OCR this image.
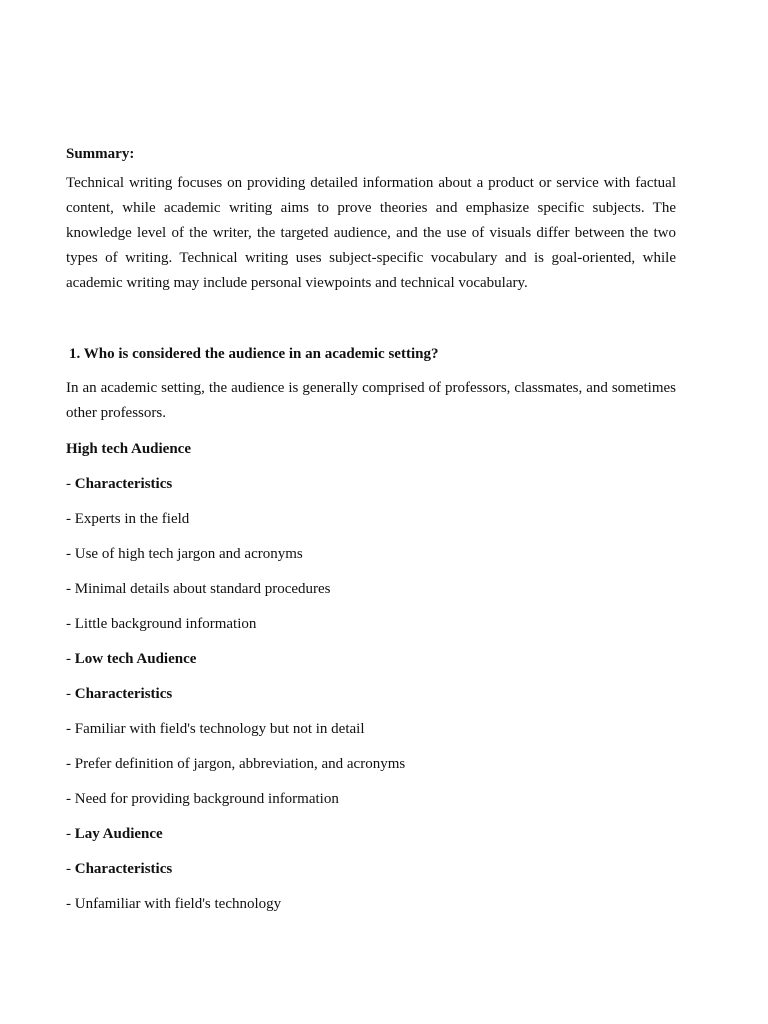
Summary:

Technical writing focuses on providing detailed information about a product or service with factual content, while academic writing aims to prove theories and emphasize specific subjects. The knowledge level of the writer, the targeted audience, and the use of visuals differ between the two types of writing. Technical writing uses subject-specific vocabulary and is goal-oriented, while academic writing may include personal viewpoints and technical vocabulary.

1. Who is considered the audience in an academic setting?

In an academic setting, the audience is generally comprised of professors, classmates, and sometimes other professors.

High tech Audience

- Characteristics

- Experts in the field

- Use of high tech jargon and acronyms

- Minimal details about standard procedures

- Little background information

- Low tech Audience

- Characteristics

- Familiar with field's technology but not in detail

- Prefer definition of jargon, abbreviation, and acronyms

- Need for providing background information

- Lay Audience

- Characteristics

- Unfamiliar with field's technology
